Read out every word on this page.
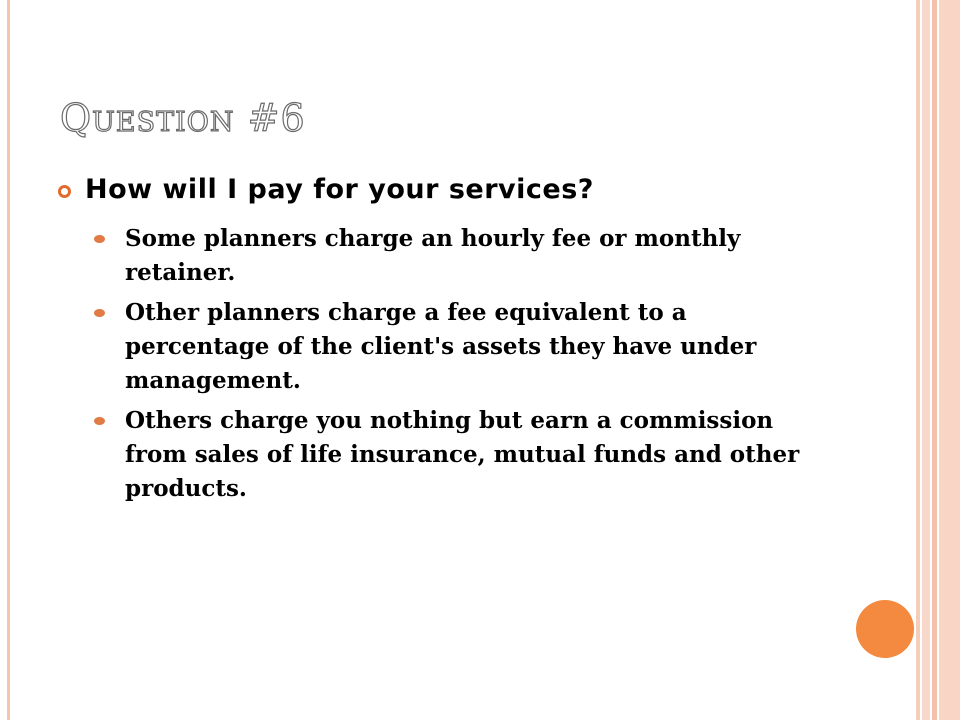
Question #6
How will I pay for your services?
Some planners charge an hourly fee or monthly retainer.
Other planners charge a fee equivalent to a percentage of the client's assets they have under management.
Others charge you nothing but earn a commission from sales of life insurance, mutual funds and other products.
